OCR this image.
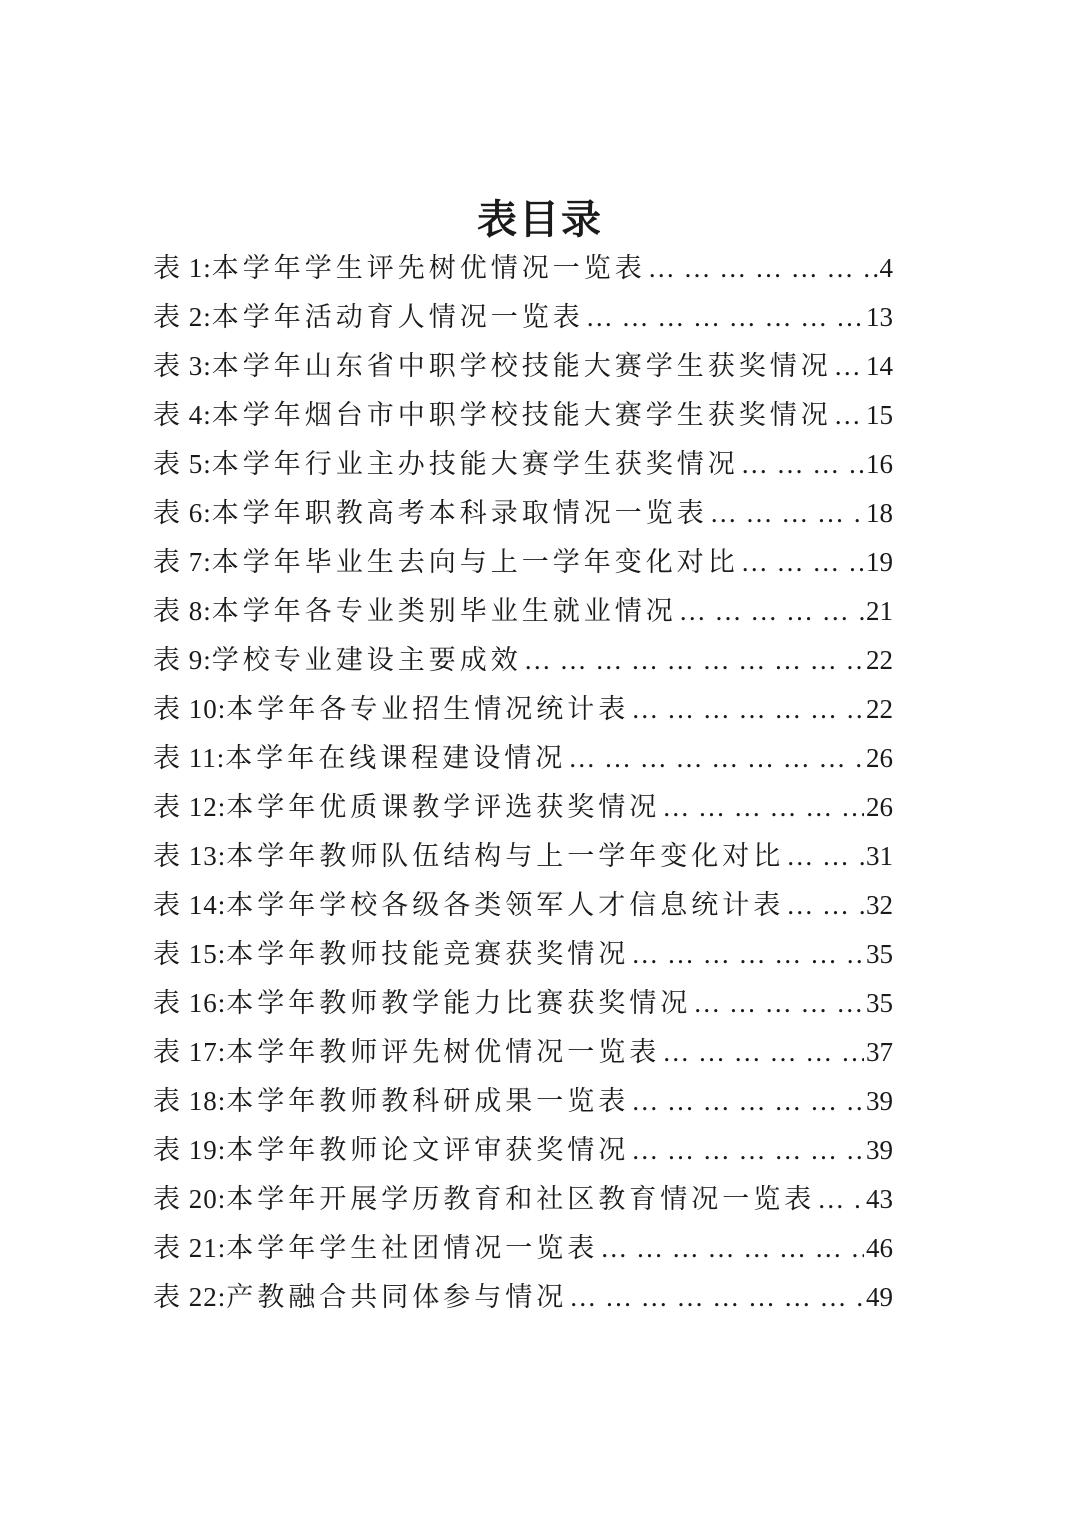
表目录
表 1: 本学年学生评先树优情况一览表 … … … … … … … … … … … … … … … … … … … … … … … … … … … … … … … … … …	4
表 2: 本学年活动育人情况一览表 … … … … … … … … … … … … … … … … … … … … … … … … … … … … … … … … … …	13
表 3: 本学年山东省中职学校技能大赛学生获奖情况 … … … … … … … … … … … … … … … … … … … … … … … … … … … … … … … … … … 14
表 4: 本学年烟台市中职学校技能大赛学生获奖情况 … … … … … … … … … … … … … … … … … … … … … … … … … … … … … … … … … … 15
表 5: 本学年行业主办技能大赛学生获奖情况 … … … … … … … … … … … … … … … … … … … … … … … … … … … … … … … … … …	16
表 6: 本学年职教高考本科录取情况一览表 … … … … … … … … … … … … … … … … … … … … … … … … … … … … … … … … … …	18
表 7: 本学年毕业生去向与上一学年变化对比 … … … … … … … … … … … … … … … … … … … … … … … … … … … … … … … … … …	19
表 8: 本学年各专业类别毕业生就业情况 … … … … … … … … … … … … … … … … … … … … … … … … … … … … … … … … … …	21
表 9: 学校专业建设主要成效 … … … … … … … … … … … … … … … … … … … … … … … … … … … … … … … … … …	22
表 10: 本学年各专业招生情况统计表 … … … … … … … … … … … … … … … … … … … … … … … … … … … … … … … … … …	22
表 11: 本学年在线课程建设情况 … … … … … … … … … … … … … … … … … … … … … … … … … … … … … … … … … …	26
表 12: 本学年优质课教学评选获奖情况 … … … … … … … … … … … … … … … … … … … … … … … … … … … … … … … … … …	26
表 13: 本学年教师队伍结构与上一学年变化对比 … … … … … … … … … … … … … … … … … … … … … … … … … … … … … … … … … …	31
表 14: 本学年学校各级各类领军人才信息统计表 … … … … … … … … … … … … … … … … … … … … … … … … … … … … … … … … … …	32
表 15: 本学年教师技能竞赛获奖情况 … … … … … … … … … … … … … … … … … … … … … … … … … … … … … … … … … …	35
表 16: 本学年教师教学能力比赛获奖情况 … … … … … … … … … … … … … … … … … … … … … … … … … … … … … … … … … …	35
表 17: 本学年教师评先树优情况一览表 … … … … … … … … … … … … … … … … … … … … … … … … … … … … … … … … … …	37
表 18: 本学年教师教科研成果一览表 … … … … … … … … … … … … … … … … … … … … … … … … … … … … … … … … … …	39
表 19: 本学年教师论文评审获奖情况 … … … … … … … … … … … … … … … … … … … … … … … … … … … … … … … … … …	39
表 20: 本学年开展学历教育和社区教育情况一览表 … … … … … … … … … … … … … … … … … … … … … … … … … … … … … … … … … … 43
表 21: 本学年学生社团情况一览表 … … … … … … … … … … … … … … … … … … … … … … … … … … … … … … … … … …	46
表 22: 产教融合共同体参与情况 … … … … … … … … … … … … … … … … … … … … … … … … … … … … … … … … … …	49
